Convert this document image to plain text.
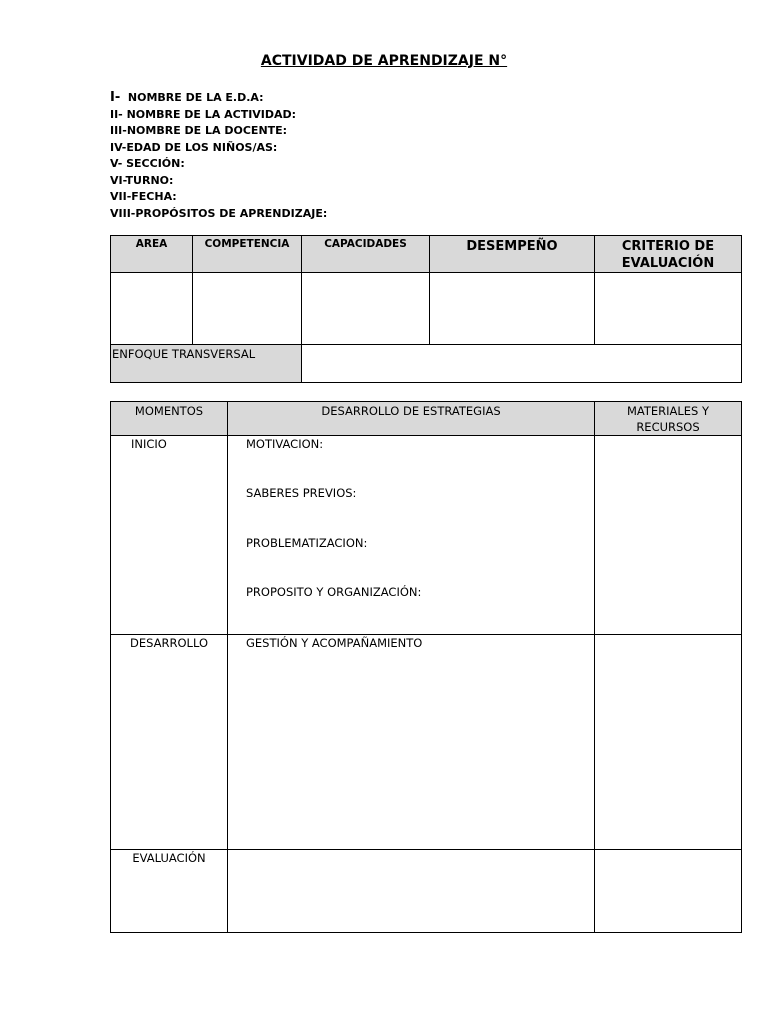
ACTIVIDAD DE APRENDIZAJE N°
I-  NOMBRE DE LA E.D.A:
II- NOMBRE DE LA ACTIVIDAD:
III-NOMBRE DE LA DOCENTE:
IV-EDAD DE LOS NIÑOS/AS:
V- SECCIÓN:
VI-TURNO:
VII-FECHA:
VIII-PROPÓSITOS DE APRENDIZAJE:
AREA	COMPETENCIA	CAPACIDADES	DESEMPEÑO	CRITERIO DE EVALUACIÓN

ENFOQUE TRANSVERSAL				

MOMENTOS	DESARROLLO DE ESTRATEGIAS	MATERIALES Y RECURSOS

INICIO	MOTIVACION:
SABERES PREVIOS:
PROBLEMATIZACION:
PROPOSITO Y ORGANIZACIÓN:	

DESARROLLO	GESTIÓN Y ACOMPAÑAMIENTO	

EVALUACIÓN		
